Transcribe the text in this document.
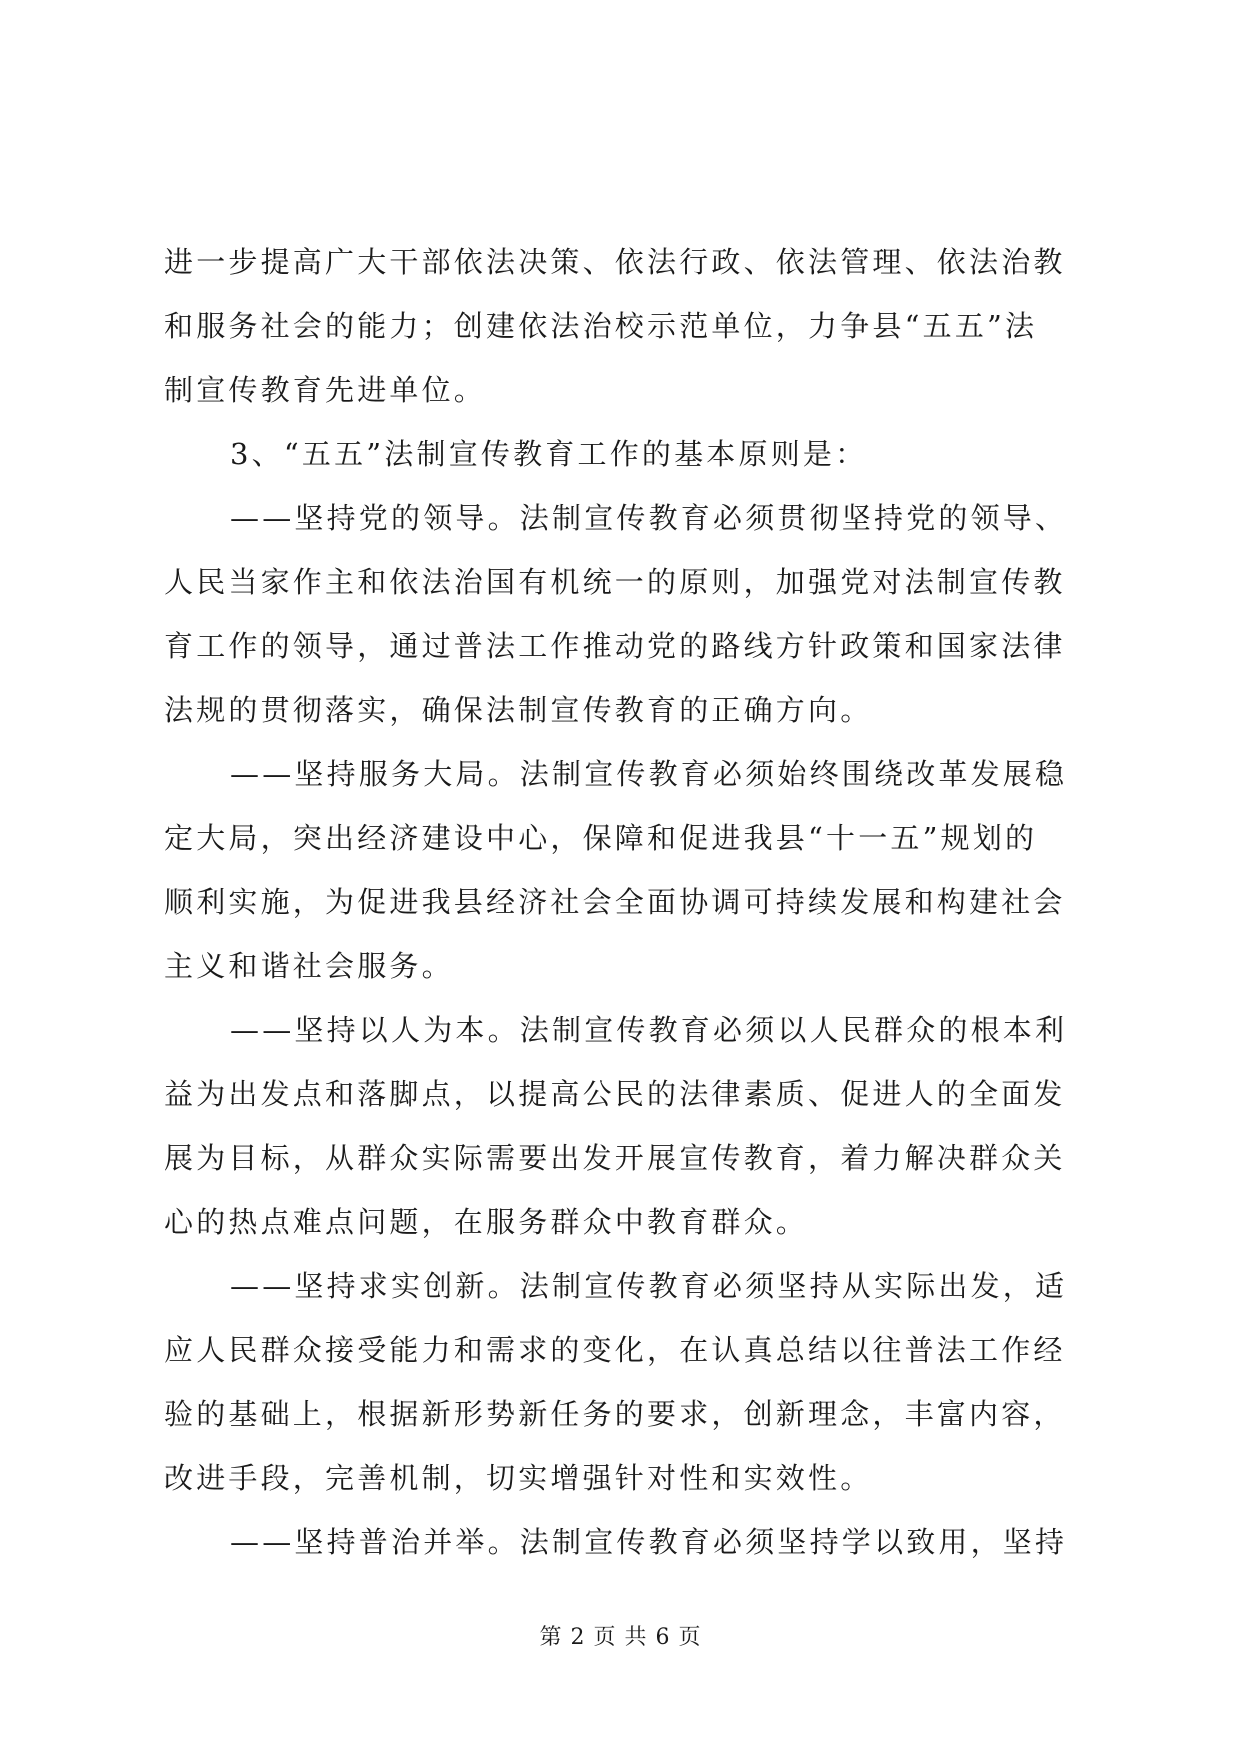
进一步提高广大干部依法决策、依法行政、依法管理、依法治教
和服务社会的能力；创建依法治校示范单位，力争县“五五”法
制宣传教育先进单位。
3、“五五”法制宣传教育工作的基本原则是：
——坚持党的领导。法制宣传教育必须贯彻坚持党的领导、
人民当家作主和依法治国有机统一的原则，加强党对法制宣传教
育工作的领导，通过普法工作推动党的路线方针政策和国家法律
法规的贯彻落实，确保法制宣传教育的正确方向。
——坚持服务大局。法制宣传教育必须始终围绕改革发展稳
定大局，突出经济建设中心，保障和促进我县“十一五”规划的
顺利实施，为促进我县经济社会全面协调可持续发展和构建社会
主义和谐社会服务。
——坚持以人为本。法制宣传教育必须以人民群众的根本利
益为出发点和落脚点，以提高公民的法律素质、促进人的全面发
展为目标，从群众实际需要出发开展宣传教育，着力解决群众关
心的热点难点问题，在服务群众中教育群众。
——坚持求实创新。法制宣传教育必须坚持从实际出发，适
应人民群众接受能力和需求的变化，在认真总结以往普法工作经
验的基础上，根据新形势新任务的要求，创新理念，丰富内容，
改进手段，完善机制，切实增强针对性和实效性。
——坚持普治并举。法制宣传教育必须坚持学以致用，坚持
第 2 页 共 6 页
